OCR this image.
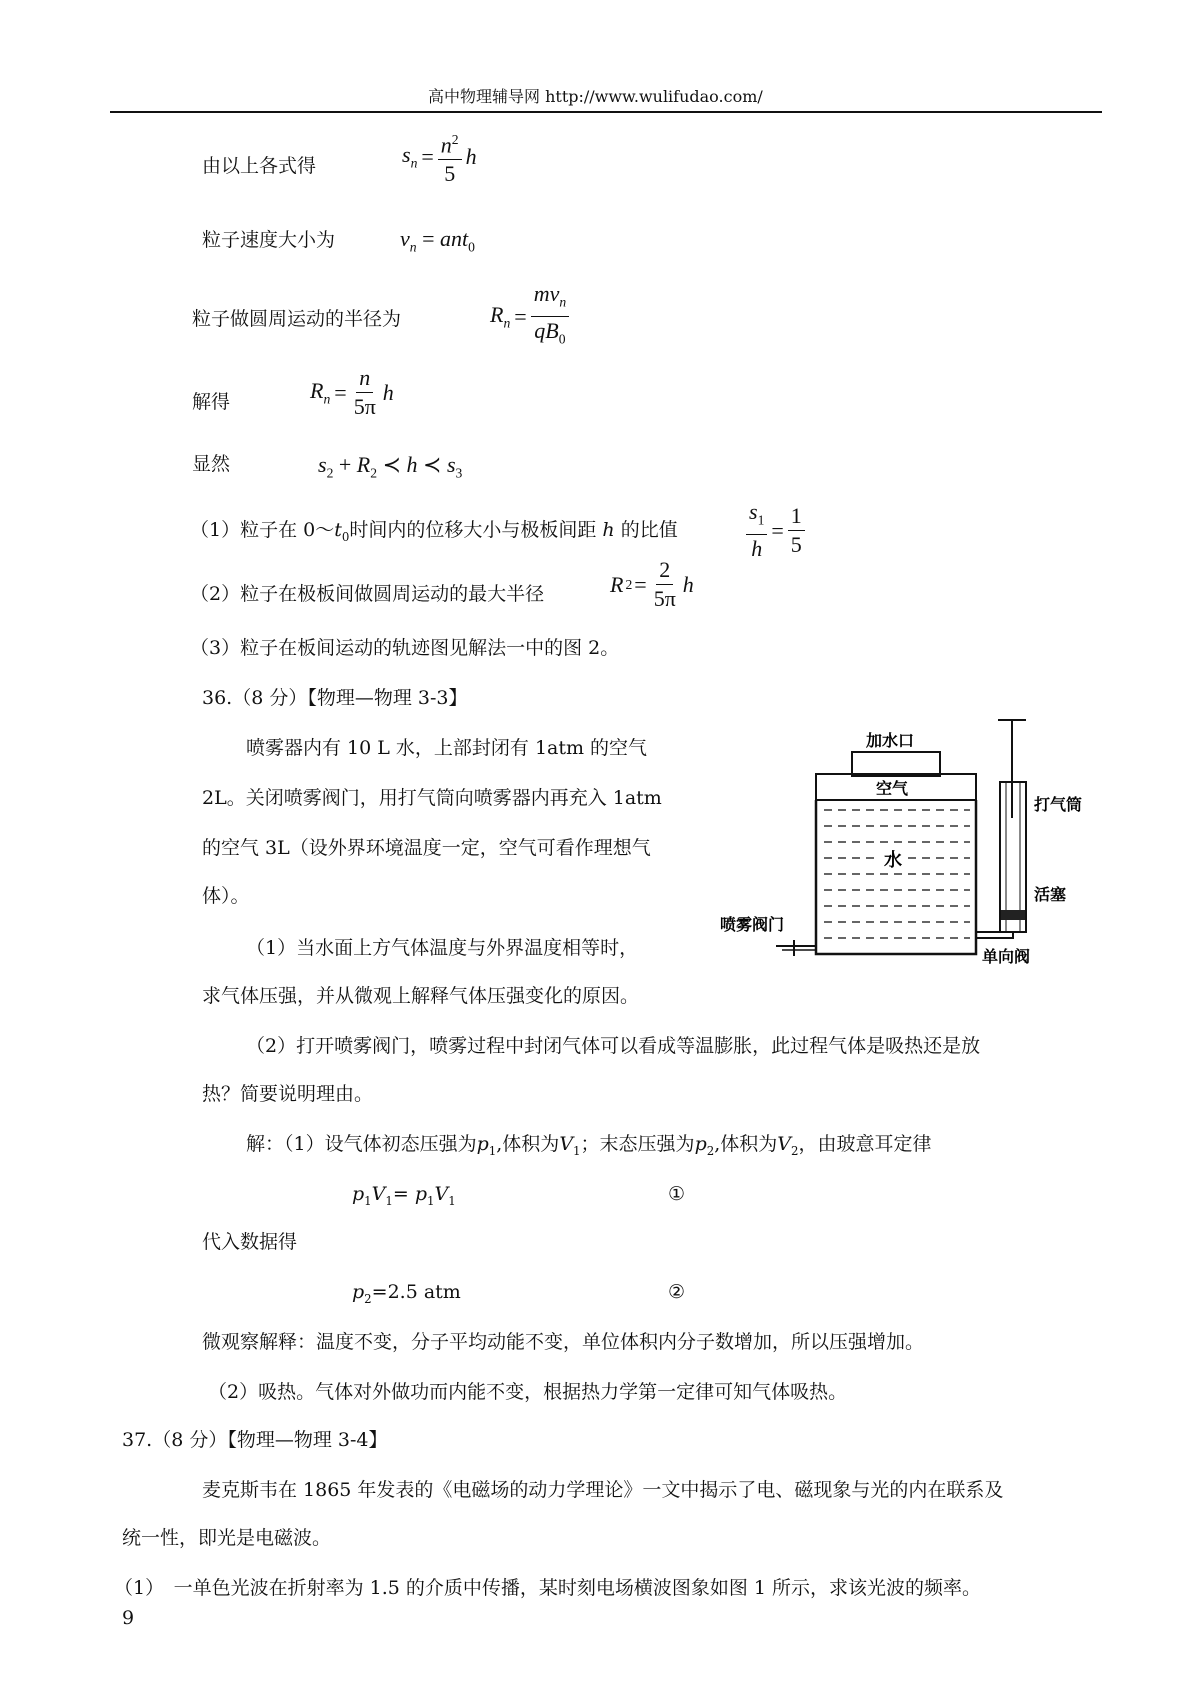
高中物理辅导网 http://www.wulifudao.com/
由以上各式得	$s_n = \frac{n^2}{5}$ h
粒子速度大小为	$v_n = ant_0$
粒子做圆周运动的半径为	$R_n = \frac{mv_n}{qB_0}$
解得	$R_n = \frac{n}{5\pi}$ h
显然	$s_2 + R_2$ ≺ h ≺ $s_3$
（1）粒子在 $0\sim t_0$时间内的位移大小与极板间距 h 的比值	$\frac{s_1}{h} = \frac{1}{5}$
（2）粒子在极板间做圆周运动的最大半径	R $2 = \frac{2}{5\pi}$ h
（3）粒子在板间运动的轨迹图见解法一中的图 2。
36.（8 分）【物理—物理 3-3】
喷雾器内有 10 L 水，上部封闭有 1atm 的空气
2L。关闭喷雾阀门，用打气筒向喷雾器内再充入 1atm
的空气 3L（设外界环境温度一定，空气可看作理想气
体）。
（1）当水面上方气体温度与外界温度相等时，
求气体压强，并从微观上解释气体压强变化的原因。
（2）打开喷雾阀门，喷雾过程中封闭气体可以看成等温膨胀，此过程气体是吸热还是放
热？简要说明理由。
加水口
空气
水
打气筒
活塞
喷雾阀门
单向阀
解：（1）设气体初态压强为$p_1$,体积为$V_1$；末态压强为$p_2$,体积为$V_2$，由玻意耳定律
$p_1V_1= p_1V_1$	①
代入数据得
$p_2=2.5$ atm	②
微观察解释：温度不变，分子平均动能不变，单位体积内分子数增加，所以压强增加。
（2）吸热。气体对外做功而内能不变，根据热力学第一定律可知气体吸热。
37.（8 分）【物理—物理 3-4】
麦克斯韦在 1865 年发表的《电磁场的动力学理论》一文中揭示了电、磁现象与光的内在联系及
统一性，即光是电磁波。
（1）　一单色光波在折射率为 1.5 的介质中传播，某时刻电场横波图象如图 1 所示，求该光波的频率。
9
